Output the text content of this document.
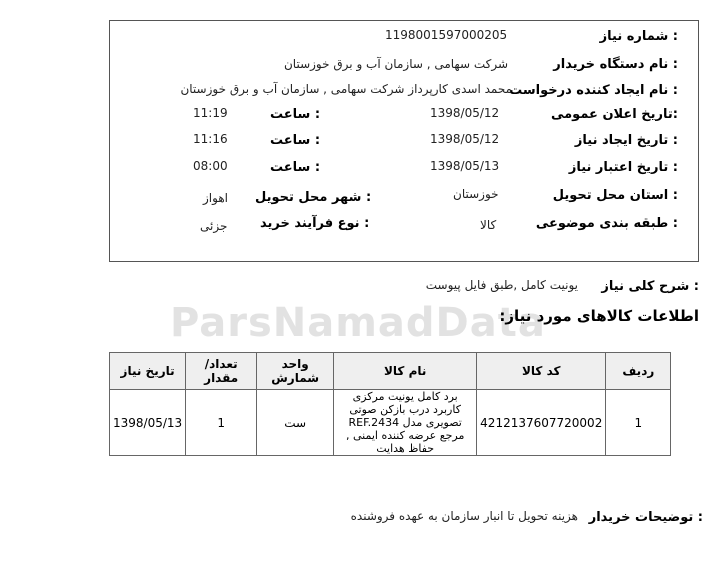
ParsNamadData
شماره نیاز :
1198001597000205
نام دستگاه خریدار :
شرکت سهامی , سازمان آب و برق خوزستان
نام ایجاد کننده درخواست :
محمد اسدی کارپرداز شرکت سهامی , سازمان آب و برق خوزستان
تاریخ اعلان عمومی:
1398/05/12
ساعت :
11:19
تاریخ ایجاد نیاز :
1398/05/12
ساعت :
11:16
تاریخ اعتبار نیاز :
1398/05/13
ساعت :
08:00
استان محل تحویل :
خوزستان
شهر محل تحویل :
اهواز
طبقه بندی موضوعی :
کالا
نوع فرآیند خرید :
جزئی
شرح کلی نیاز :
یونیت کامل ,طبق فایل پیوست
اطلاعات کالاهای مورد نیاز:
ردیف	کد کالا	نام کالا	واحد شمارش	تعداد/ مقدار	تاریخ نیاز
1	4212137607720002	برد کامل یونیت مرکزی کاربرد درب بازکن صوتی تصویری مدل REF.2434 مرجع عرضه کننده ایمنی , حفاظ هدایت	ست	1	1398/05/13
توضیحات خریدار :
هزینه تحویل تا انبار سازمان به عهده فروشنده
